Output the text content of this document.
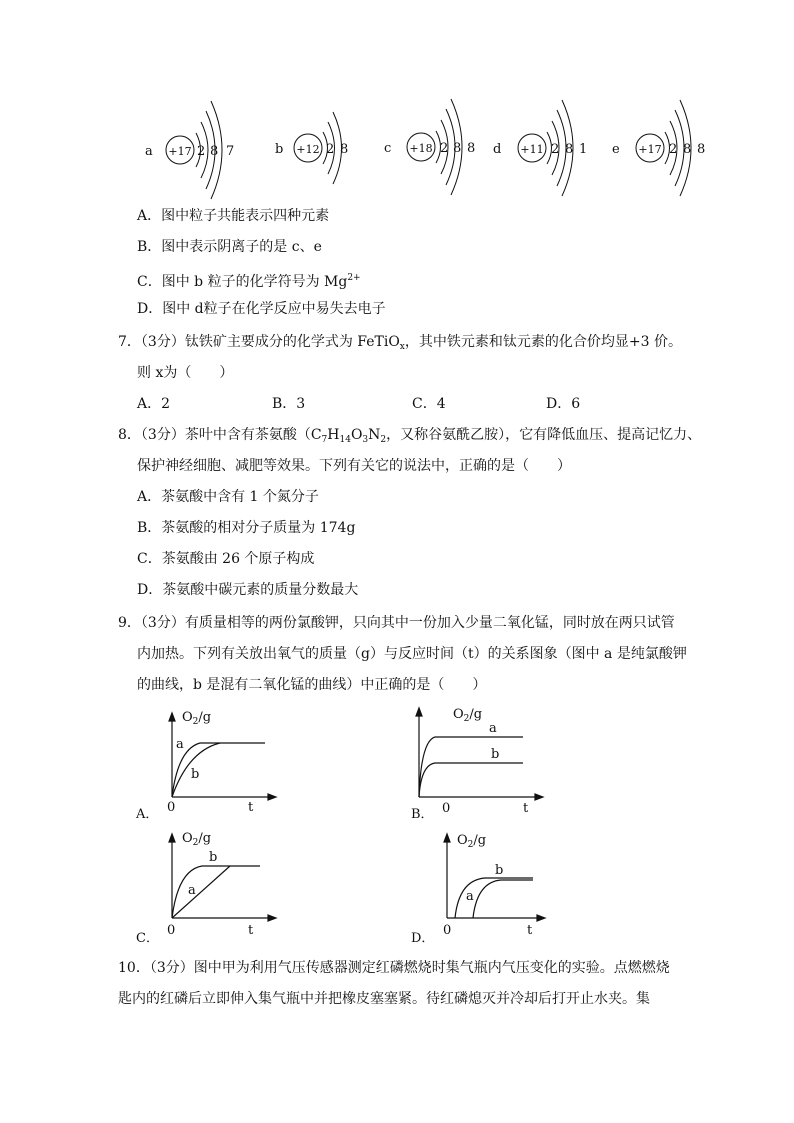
a +17 2 8 7	b +12 2 8	c +18 2 8 8 d +11 2 8 1 e +17 2 8 8
A．图中粒子共能表示四种元素
B．图中表示阴离子的是 c、e
C．图中 b 粒子的化学符号为 $Mg^{2+}$
D．图中 d粒子在化学反应中易失去电子
7．（3分）钛铁矿主要成分的化学式为 FeTiO$_x$，其中铁元素和钛元素的化合价均显+3 价。
则 x为（　　）
A．2	B．3	C．4	D．6
8．（3分）茶叶中含有茶氨酸（$C_7H_{14}O_3N_2$，又称谷氨酰乙胺），它有降低血压、提高记忆力、
保护神经细胞、减肥等效果。下列有关它的说法中，正确的是（　　）
A．茶氨酸中含有 1 个氮分子
B．茶氨酸的相对分子质量为 174g
C．茶氨酸由 26 个原子构成
D．茶氨酸中碳元素的质量分数最大
9．（3分）有质量相等的两份氯酸钾，只向其中一份加入少量二氧化锰，同时放在两只试管
内加热。下列有关放出氧气的质量（g）与反应时间（t）的关系图象（图中 a 是纯氯酸钾
的曲线，b 是混有二氧化锰的曲线）中正确的是（　　）
$O_2/g$
a
b
0	t
A．
$O_2/g$
a
b
0	t
B．
$O_2/g$
b
a
0	t
C．
$O_2/g$
b
a
0	t
D．
10．（3分）图中甲为利用气压传感器测定红磷燃烧时集气瓶内气压变化的实验。点燃燃烧
匙内的红磷后立即伸入集气瓶中并把橡皮塞塞紧。待红磷熄灭并冷却后打开止水夹。集
